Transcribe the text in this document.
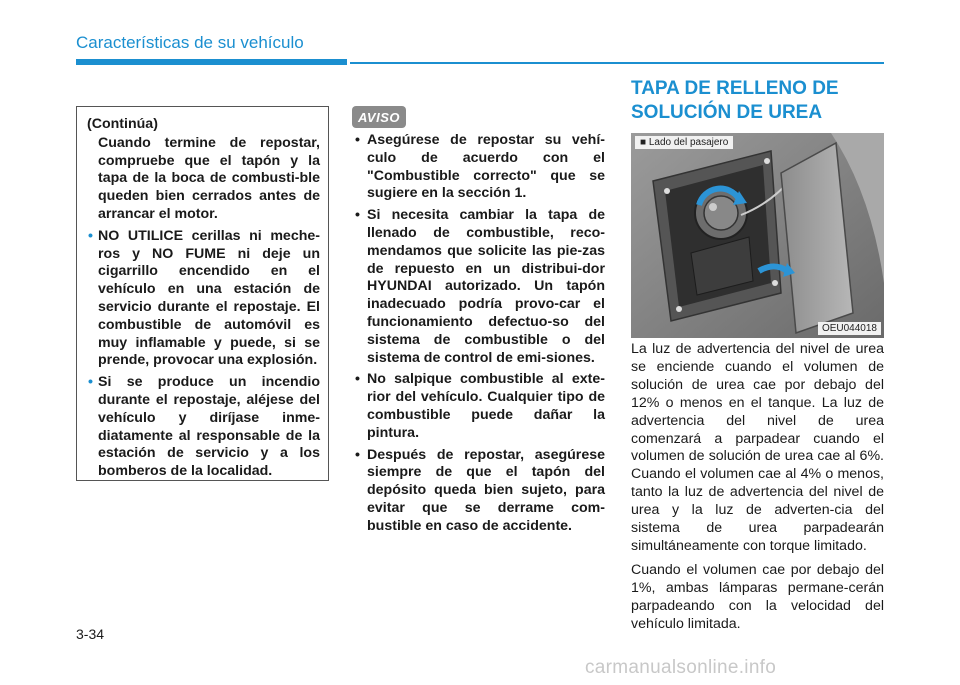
Características de su vehículo
(Continúa)

Cuando termine de repostar, compruebe que el tapón y la tapa de la boca de combusti-ble queden bien cerrados antes de arrancar el motor.

• NO UTILICE cerillas ni meche-ros y NO FUME ni deje un cigarrillo encendido en el vehículo en una estación de servicio durante el repostaje. El combustible de automóvil es muy inflamable y puede, si se prende, provocar una explosión.
• Si se produce un incendio durante el repostaje, aléjese del vehículo y diríjase inme-diatamente al responsable de la estación de servicio y a los bomberos de la localidad.
AVISO
• Asegúrese de repostar su vehí-culo de acuerdo con el "Combustible correcto" que se sugiere en la sección 1.
• Si necesita cambiar la tapa de llenado de combustible, reco-mendamos que solicite las pie-zas de repuesto en un distribui-dor HYUNDAI autorizado. Un tapón inadecuado podría provo-car el funcionamiento defectuo-so del sistema de combustible o del sistema de control de emi-siones.
• No salpique combustible al exte-rior del vehículo. Cualquier tipo de combustible puede dañar la pintura.
• Después de repostar, asegúrese siempre de que el tapón del depósito queda bien sujeto, para evitar que se derrame com-bustible en caso de accidente.
TAPA DE RELLENO DE
SOLUCIÓN DE UREA
■ Lado del pasajero
OEU044018

La luz de advertencia del nivel de urea se enciende cuando el volumen de solución de urea cae por debajo del 12% o menos en el tanque. La luz de advertencia del nivel de urea comenzará a parpadear cuando el volumen de solución de urea cae al 6%. Cuando el volumen cae al 4% o menos, tanto la luz de advertencia del nivel de urea y la luz de adverten-cia del sistema de urea parpadearán simultáneamente con torque limitado.

Cuando el volumen cae por debajo del 1%, ambas lámparas permane-cerán parpadeando con la velocidad del vehículo limitada.

3-34
carmanualsonline.info
